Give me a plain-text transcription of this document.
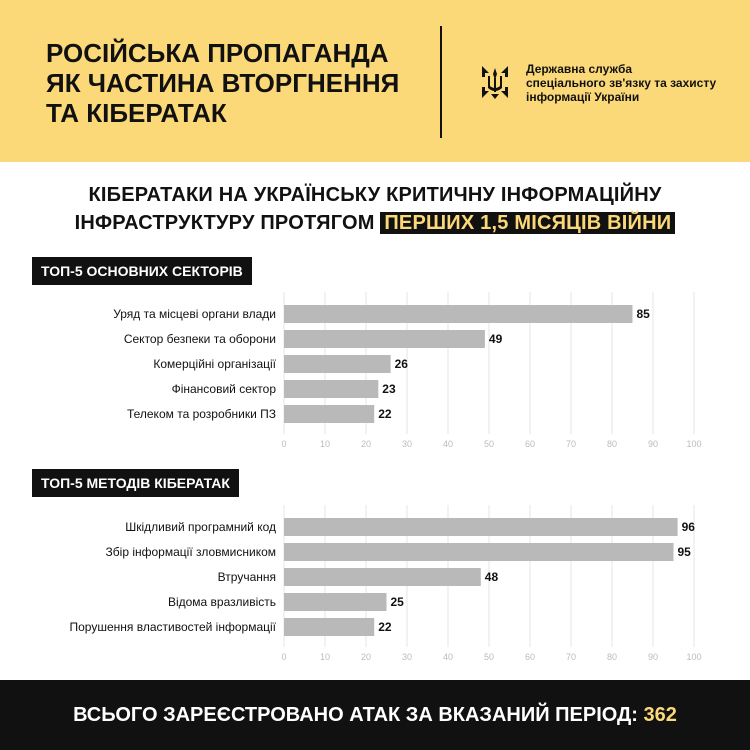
РОСІЙСЬКА ПРОПАГАНДА
ЯК ЧАСТИНА ВТОРГНЕННЯ
ТА КІБЕРАТАК
Державна служба
спеціального зв'язку та захисту
інформації України
КІБЕРАТАКИ НА УКРАЇНСЬКУ КРИТИЧНУ ІНФОРМАЦІЙНУ
ІНФРАСТРУКТУРУ ПРОТЯГОМ ПЕРШИХ 1,5 МІСЯЦІВ ВІЙНИ
ТОП-5 ОСНОВНИХ СЕКТОРІВ
0	10	20	30	40	50	60	70	80	90	100
Уряд та місцеві органи влади	85
Сектор безпеки та оборони	49
Комерційні організації	26
Фінансовий сектор	23
Телеком та розробники ПЗ	22
ТОП-5 МЕТОДІВ КІБЕРАТАК
0	10	20	30	40	50	60	70	80	90	100
Шкідливий програмний код	96
Збір інформації зловмисником	95
Втручання	48
Відома вразливість	25
Порушення властивостей інформації	22
ВСЬОГО ЗАРЕЄСТРОВАНО АТАК ЗА ВКАЗАНИЙ ПЕРІОД: 362
